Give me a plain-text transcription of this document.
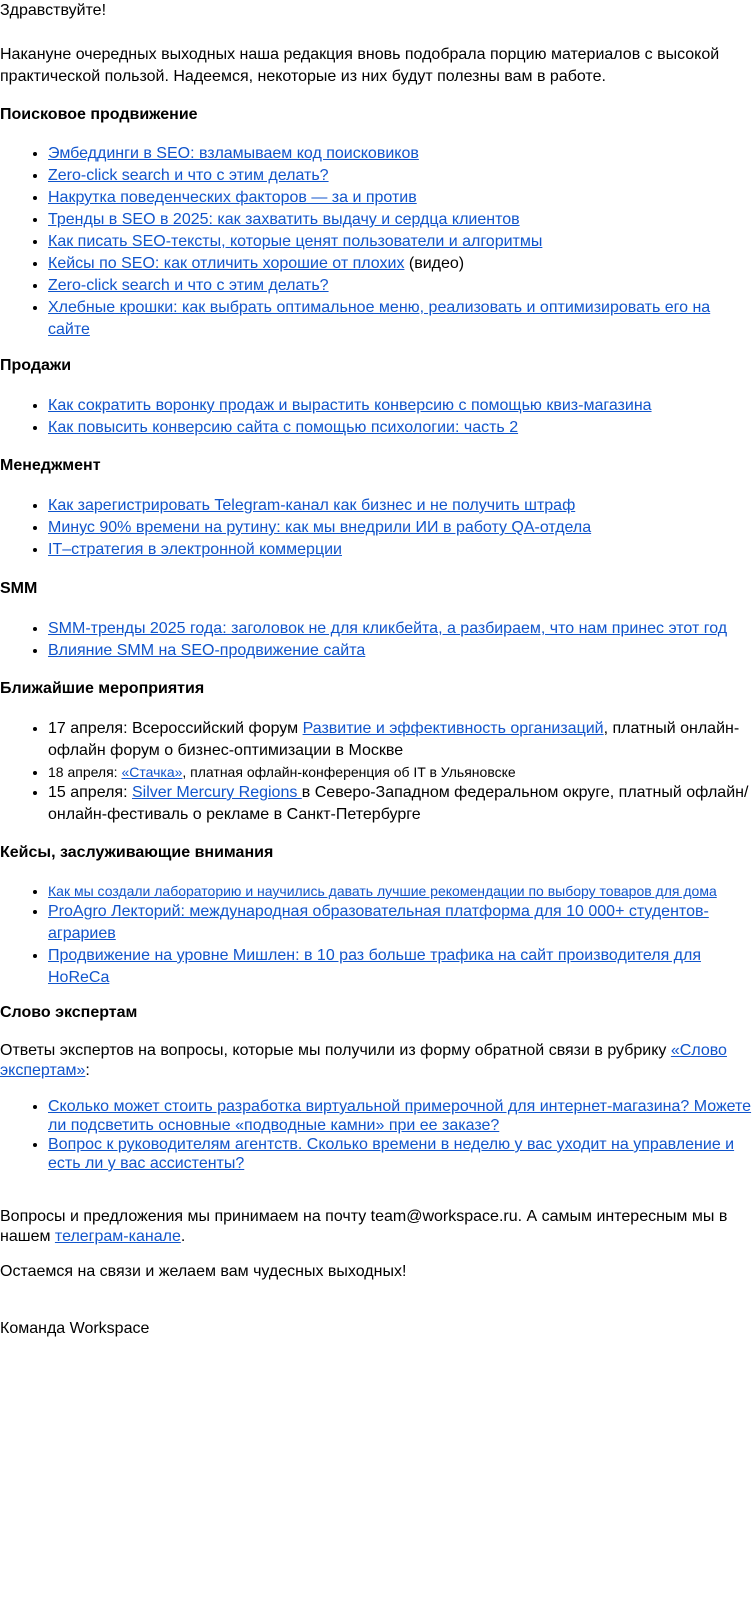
Здравствуйте!

Накануне очередных выходных наша редакция вновь подобрала порцию материалов с высокой практической пользой. Надеемся, некоторые из них будут полезны вам в работе.

Поисковое продвижение
• Эмбеддинги в SEO: взламываем код поисковиков
• Zero-click search и что с этим делать?
• Накрутка поведенческих факторов — за и против
• Тренды в SEO в 2025: как захватить выдачу и сердца клиентов
• Как писать SEO-тексты, которые ценят пользователи и алгоритмы
• Кейсы по SEO: как отличить хорошие от плохих (видео)
• Zero-click search и что с этим делать?
• Хлебные крошки: как выбрать оптимальное меню, реализовать и оптимизировать его на сайте
Продажи
• Как сократить воронку продаж и вырастить конверсию с помощью квиз-магазина
• Как повысить конверсию сайта с помощью психологии: часть 2
Менеджмент
• Как зарегистрировать Telegram-канал как бизнес и не получить штраф
• Минус 90% времени на рутину: как мы внедрили ИИ в работу QA-отдела
• IT–стратегия в электронной коммерции
SMM
• SMM-тренды 2025 года: заголовок не для кликбейта, а разбираем, что нам принес этот год
• Влияние SMM на SEO-продвижение сайта
Ближайшие мероприятия
• 17 апреля: Всероссийский форум Развитие и эффективность организаций, платный онлайн-офлайн форум о бизнес-оптимизации в Москве
• 18 апреля: «Стачка», платная офлайн-конференция об IT в Ульяновске
• 15 апреля: Silver Mercury Regions в Северо-Западном федеральном округе, платный офлайн/онлайн-фестиваль о рекламе в Санкт-Петербурге
Кейсы, заслуживающие внимания
• Как мы создали лабораторию и научились давать лучшие рекомендации по выбору товаров для дома
• ProAgro Лекторий: международная образовательная платформа для 10 000+ студентов-аграриев
• Продвижение на уровне Мишлен: в 10 раз больше трафика на сайт производителя для HoReCa
Слово экспертам

Ответы экспертов на вопросы, которые мы получили из форму обратной связи в рубрику «Слово экспертам»:

• Сколько может стоить разработка виртуальной примерочной для интернет-магазина? Можете ли подсветить основные «подводные камни» при ее заказе?
• Вопрос к руководителям агентств. Сколько времени в неделю у вас уходит на управление и есть ли у вас ассистенты?

Вопросы и предложения мы принимаем на почту team@workspace.ru. А самым интересным мы в нашем телеграм-канале.

Остаемся на связи и желаем вам чудесных выходных!

Команда Workspace
